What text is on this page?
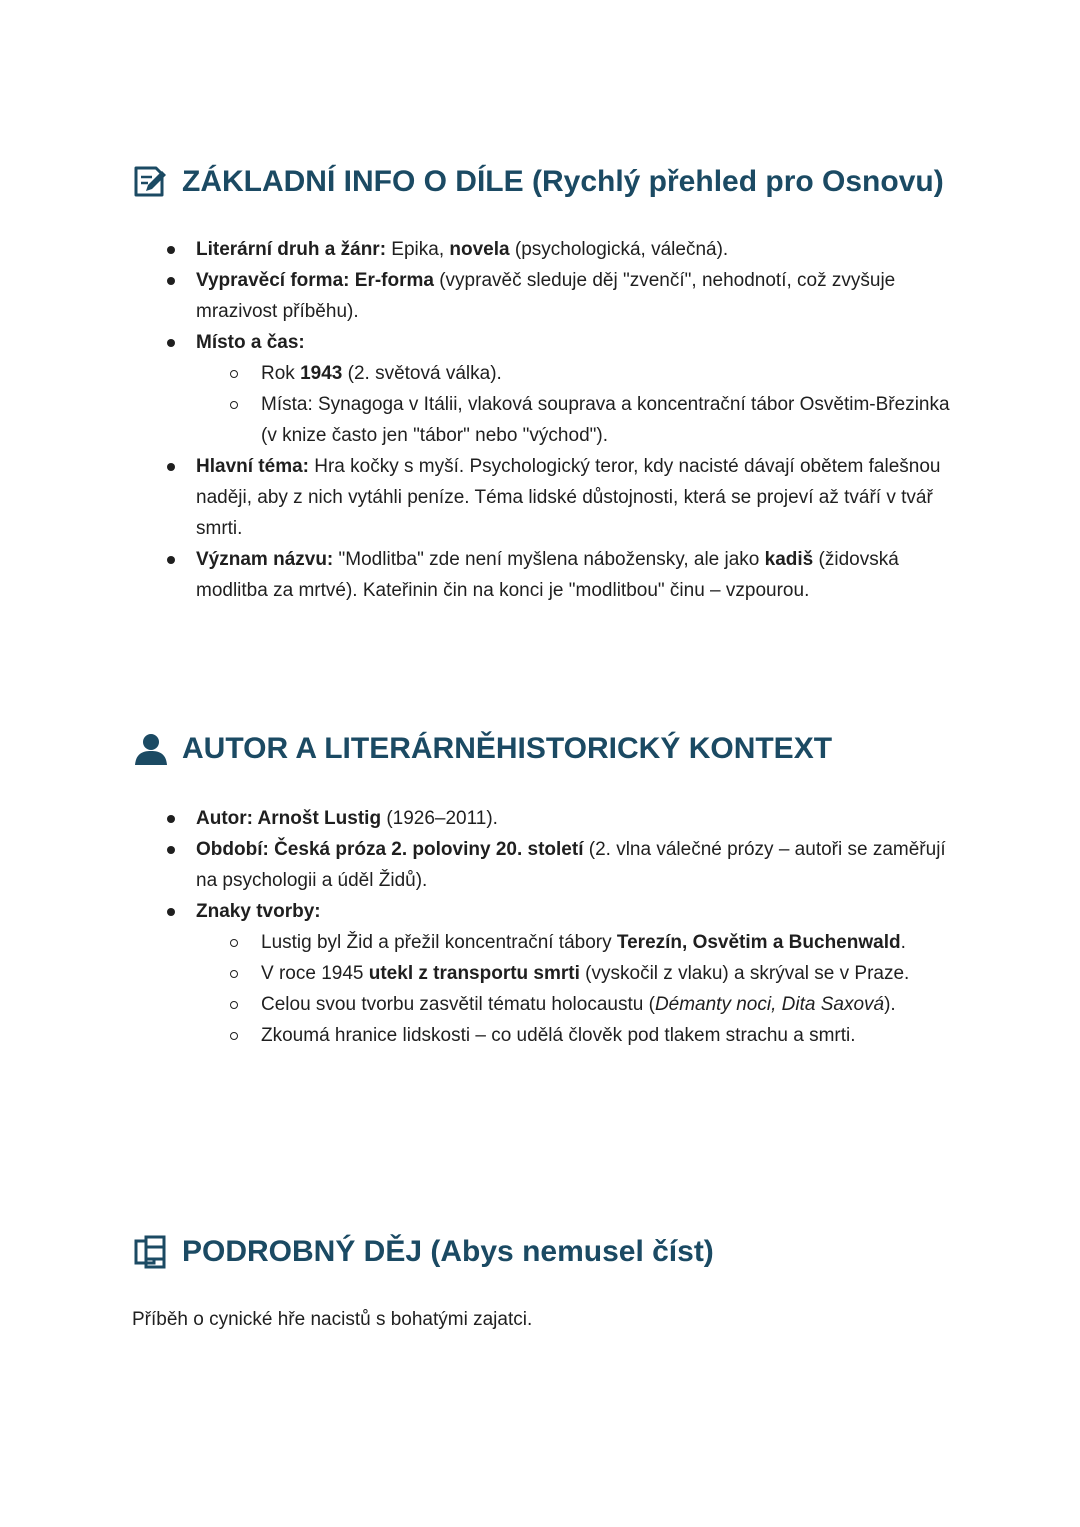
ZÁKLADNÍ INFO O DÍLE (Rychlý přehled pro Osnovu)
Literární druh a žánr: Epika, novela (psychologická, válečná).
Vypravěcí forma: Er-forma (vypravěč sleduje děj "zvenčí", nehodnotí, což zvyšuje mrazivost příběhu).
Místo a čas:
Rok 1943 (2. světová válka).
Místa: Synagoga v Itálii, vlaková souprava a koncentrační tábor Osvětim-Březinka (v knize často jen "tábor" nebo "východ").
Hlavní téma: Hra kočky s myší. Psychologický teror, kdy nacisté dávají obětem falešnou naději, aby z nich vytáhli peníze. Téma lidské důstojnosti, která se projeví až tváří v tvář smrti.
Význam názvu: "Modlitba" zde není myšlena nábožensky, ale jako kadiš (židovská modlitba za mrtvé). Kateřinin čin na konci je "modlitbou" činu – vzpourou.
AUTOR A LITERÁRNĚHISTORICKÝ KONTEXT
Autor: Arnošt Lustig (1926–2011).
Období: Česká próza 2. poloviny 20. století (2. vlna válečné prózy – autoři se zaměřují na psychologii a úděl Židů).
Znaky tvorby:
Lustig byl Žid a přežil koncentrační tábory Terezín, Osvětim a Buchenwald.
V roce 1945 utekl z transportu smrti (vyskočil z vlaku) a skrýval se v Praze.
Celou svou tvorbu zasvětil tématu holocaustu (Démanty noci, Dita Saxová).
Zkoumá hranice lidskosti – co udělá člověk pod tlakem strachu a smrti.
PODROBNÝ DĚJ (Abys nemusel číst)

Příběh o cynické hře nacistů s bohatými zajatci.
